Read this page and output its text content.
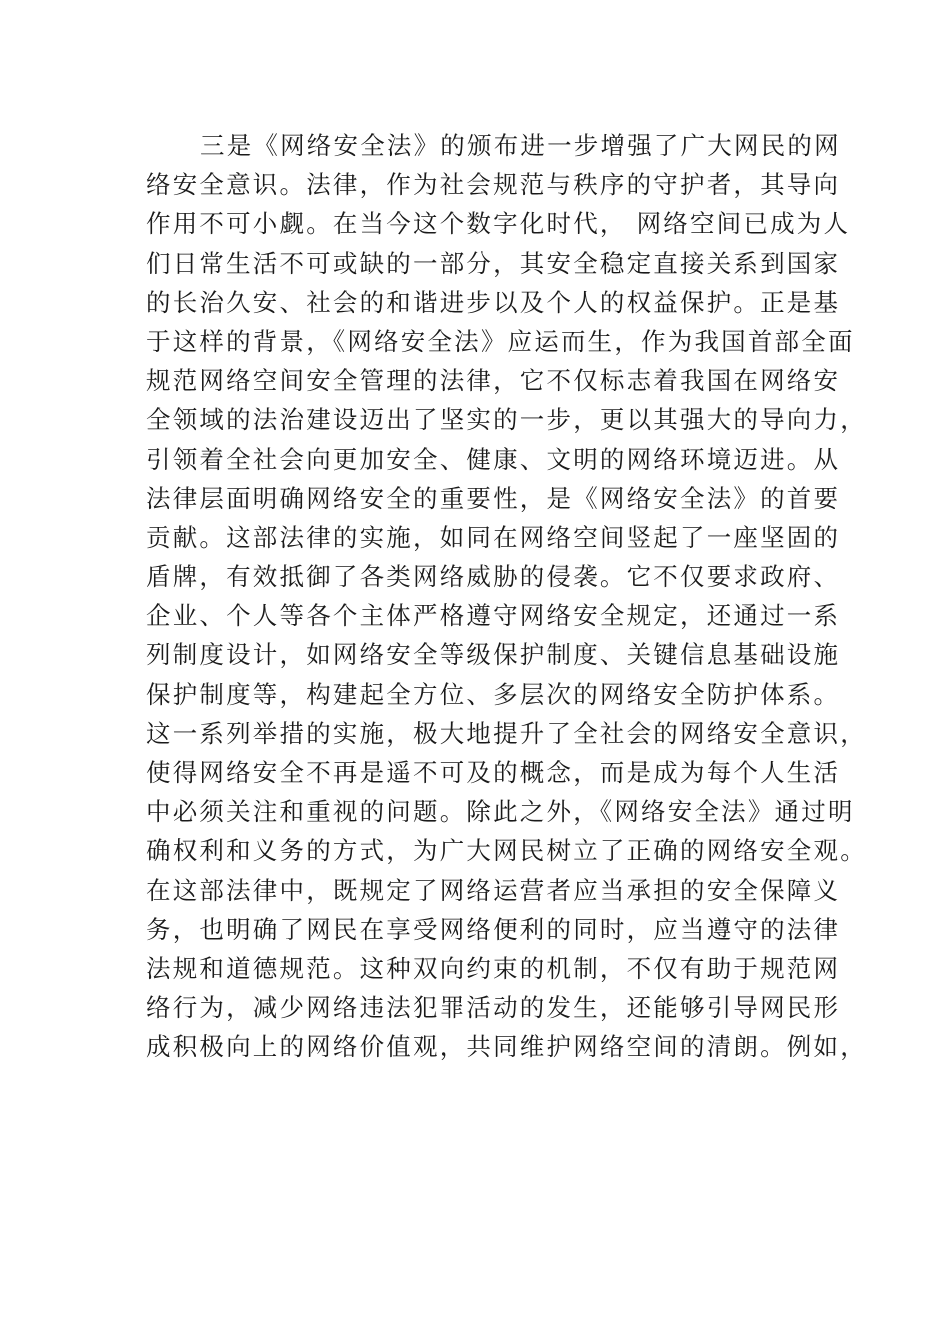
三是《网络安全法》的颁布进一步增强了广大网民的网
络安全意识。法律，作为社会规范与秩序的守护者，其导向
作用不可小觑。在当今这个数字化时代， 网络空间已成为人
们日常生活不可或缺的一部分，其安全稳定直接关系到国家
的长治久安、社会的和谐进步以及个人的权益保护。正是基
于这样的背景，《网络安全法》应运而生，作为我国首部全面
规范网络空间安全管理的法律，它不仅标志着我国在网络安
全领域的法治建设迈出了坚实的一步，更以其强大的导向力，
引领着全社会向更加安全、健康、文明的网络环境迈进。从
法律层面明确网络安全的重要性，是《网络安全法》的首要
贡献。这部法律的实施，如同在网络空间竖起了一座坚固的
盾牌，有效抵御了各类网络威胁的侵袭。它不仅要求政府、
企业、个人等各个主体严格遵守网络安全规定，还通过一系
列制度设计，如网络安全等级保护制度、关键信息基础设施
保护制度等，构建起全方位、多层次的网络安全防护体系。
这一系列举措的实施，极大地提升了全社会的网络安全意识，
使得网络安全不再是遥不可及的概念，而是成为每个人生活
中必须关注和重视的问题。除此之外，《网络安全法》通过明
确权利和义务的方式，为广大网民树立了正确的网络安全观。
在这部法律中，既规定了网络运营者应当承担的安全保障义
务，也明确了网民在享受网络便利的同时，应当遵守的法律
法规和道德规范。这种双向约束的机制，不仅有助于规范网
络行为，减少网络违法犯罪活动的发生，还能够引导网民形
成积极向上的网络价值观，共同维护网络空间的清朗。例如，
